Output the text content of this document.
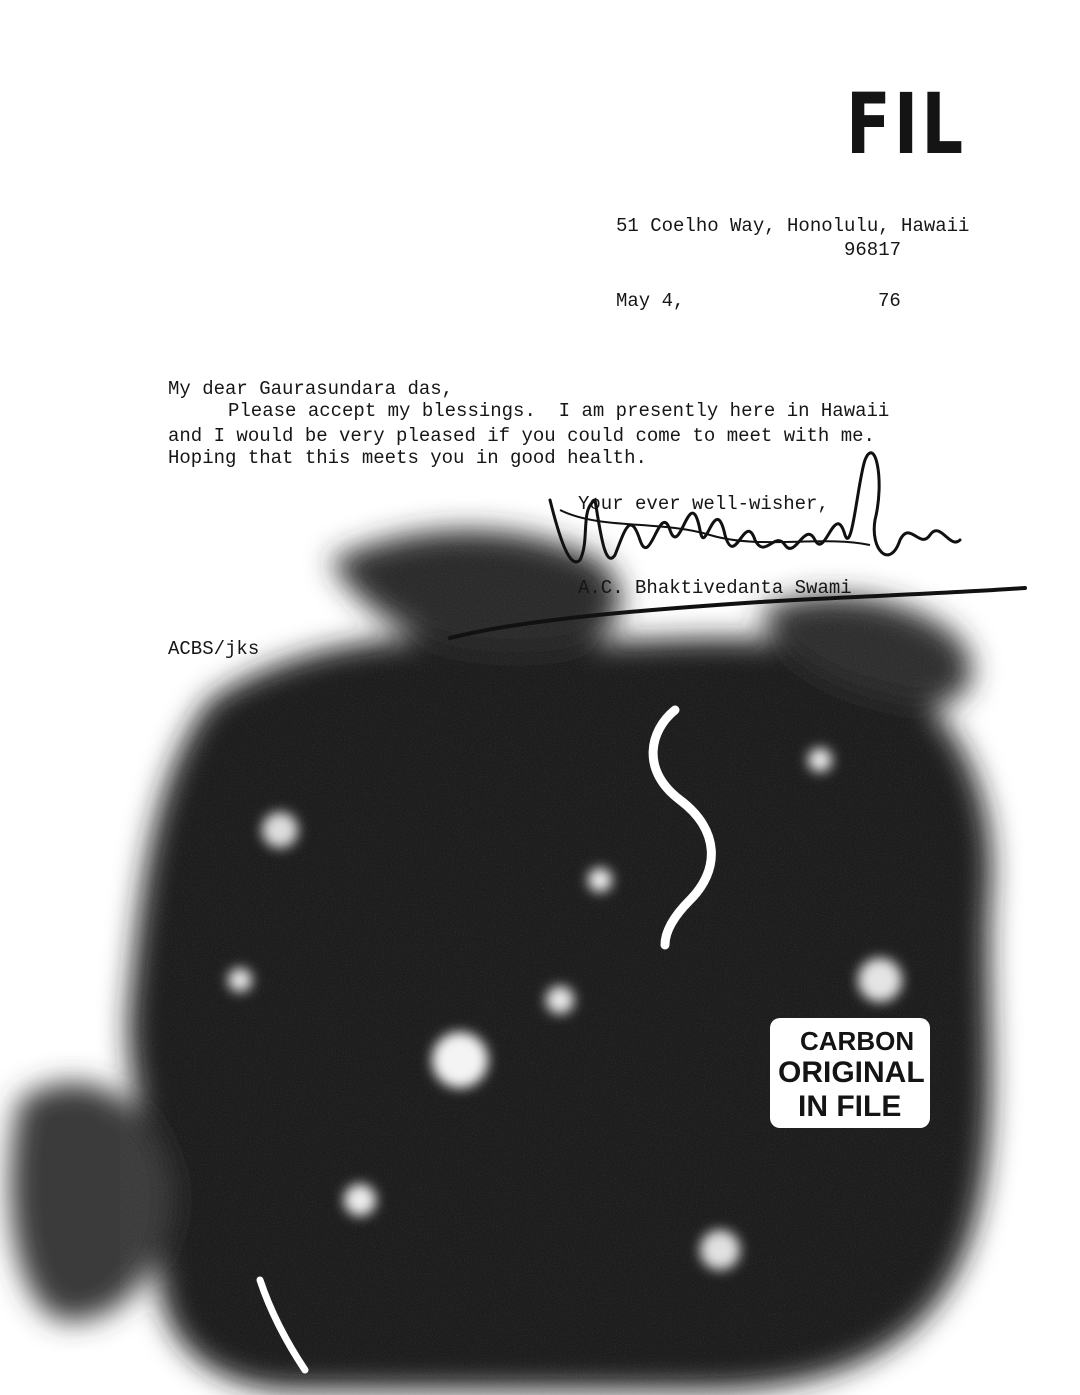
FIL
51 Coelho Way, Honolulu, Hawaii
96817
May 4,	76
My dear Gaurasundara das,
Please accept my blessings.  I am presently here in Hawaii
and I would be very pleased if you could come to meet with me.
Hoping that this meets you in good health.
Your ever well-wisher,
A.C. Bhaktivedanta Swami
ACBS/jks
CARBON
ORIGINAL
IN FILE
